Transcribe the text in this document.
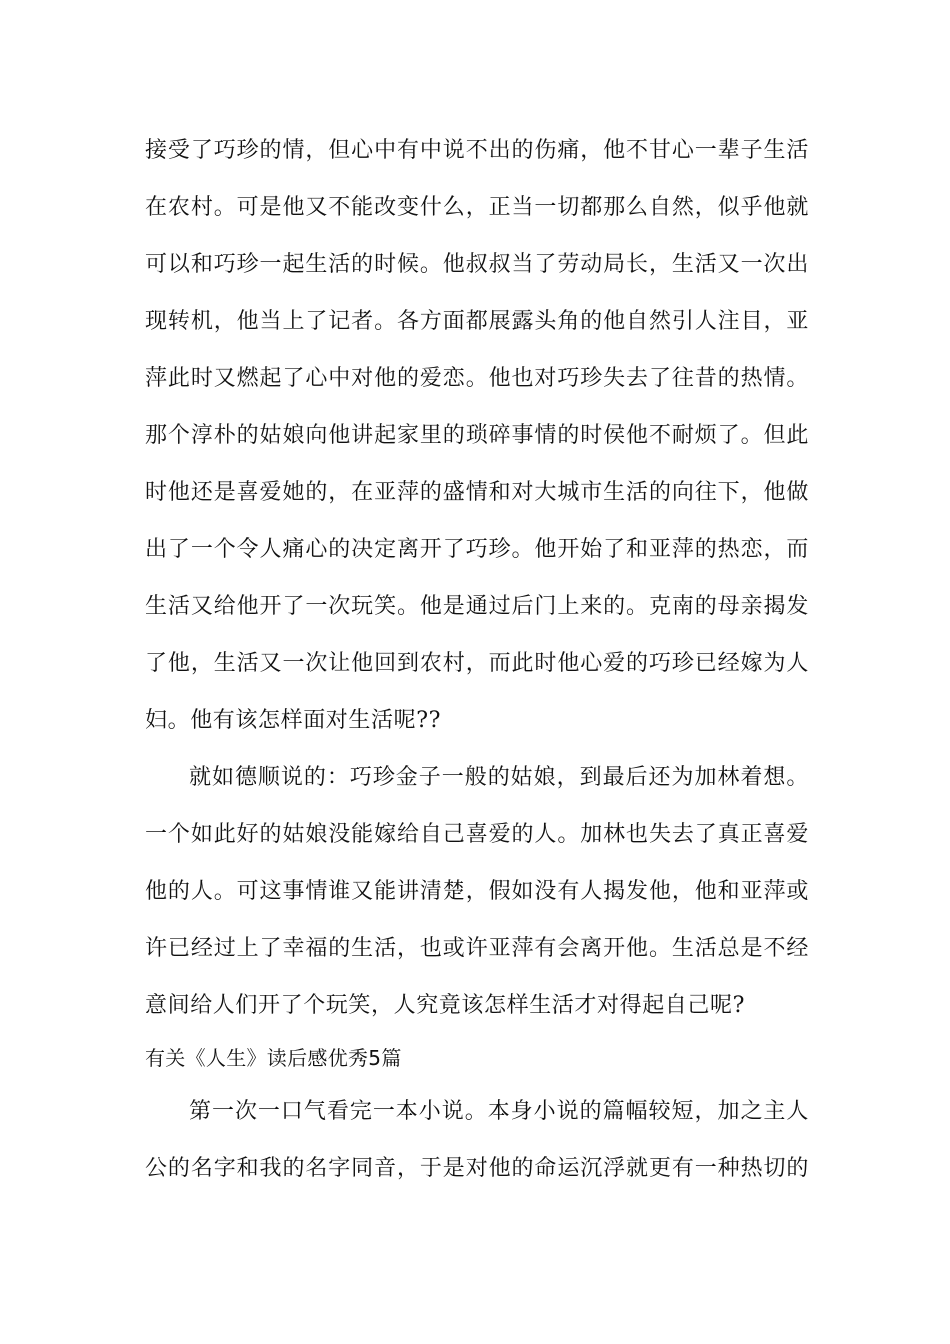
接受了巧珍的情，但心中有中说不出的伤痛，他不甘心一辈子生活
在农村。可是他又不能改变什么，正当一切都那么自然，似乎他就
可以和巧珍一起生活的时候。他叔叔当了劳动局长，生活又一次出
现转机，他当上了记者。各方面都展露头角的他自然引人注目，亚
萍此时又燃起了心中对他的爱恋。他也对巧珍失去了往昔的热情。
那个淳朴的姑娘向他讲起家里的琐碎事情的时侯他不耐烦了。但此
时他还是喜爱她的，在亚萍的盛情和对大城市生活的向往下，他做
出了一个令人痛心的决定离开了巧珍。他开始了和亚萍的热恋，而
生活又给他开了一次玩笑。他是通过后门上来的。克南的母亲揭发
了他，生活又一次让他回到农村，而此时他心爱的巧珍已经嫁为人
妇。他有该怎样面对生活呢??
就如德顺说的：巧珍金子一般的姑娘，到最后还为加林着想。
一个如此好的姑娘没能嫁给自己喜爱的人。加林也失去了真正喜爱
他的人。可这事情谁又能讲清楚，假如没有人揭发他，他和亚萍或
许已经过上了幸福的生活，也或许亚萍有会离开他。生活总是不经
意间给人们开了个玩笑，人究竟该怎样生活才对得起自己呢?
有关《人生》读后感优秀5篇
第一次一口气看完一本小说。本身小说的篇幅较短，加之主人
公的名字和我的名字同音，于是对他的命运沉浮就更有一种热切的
